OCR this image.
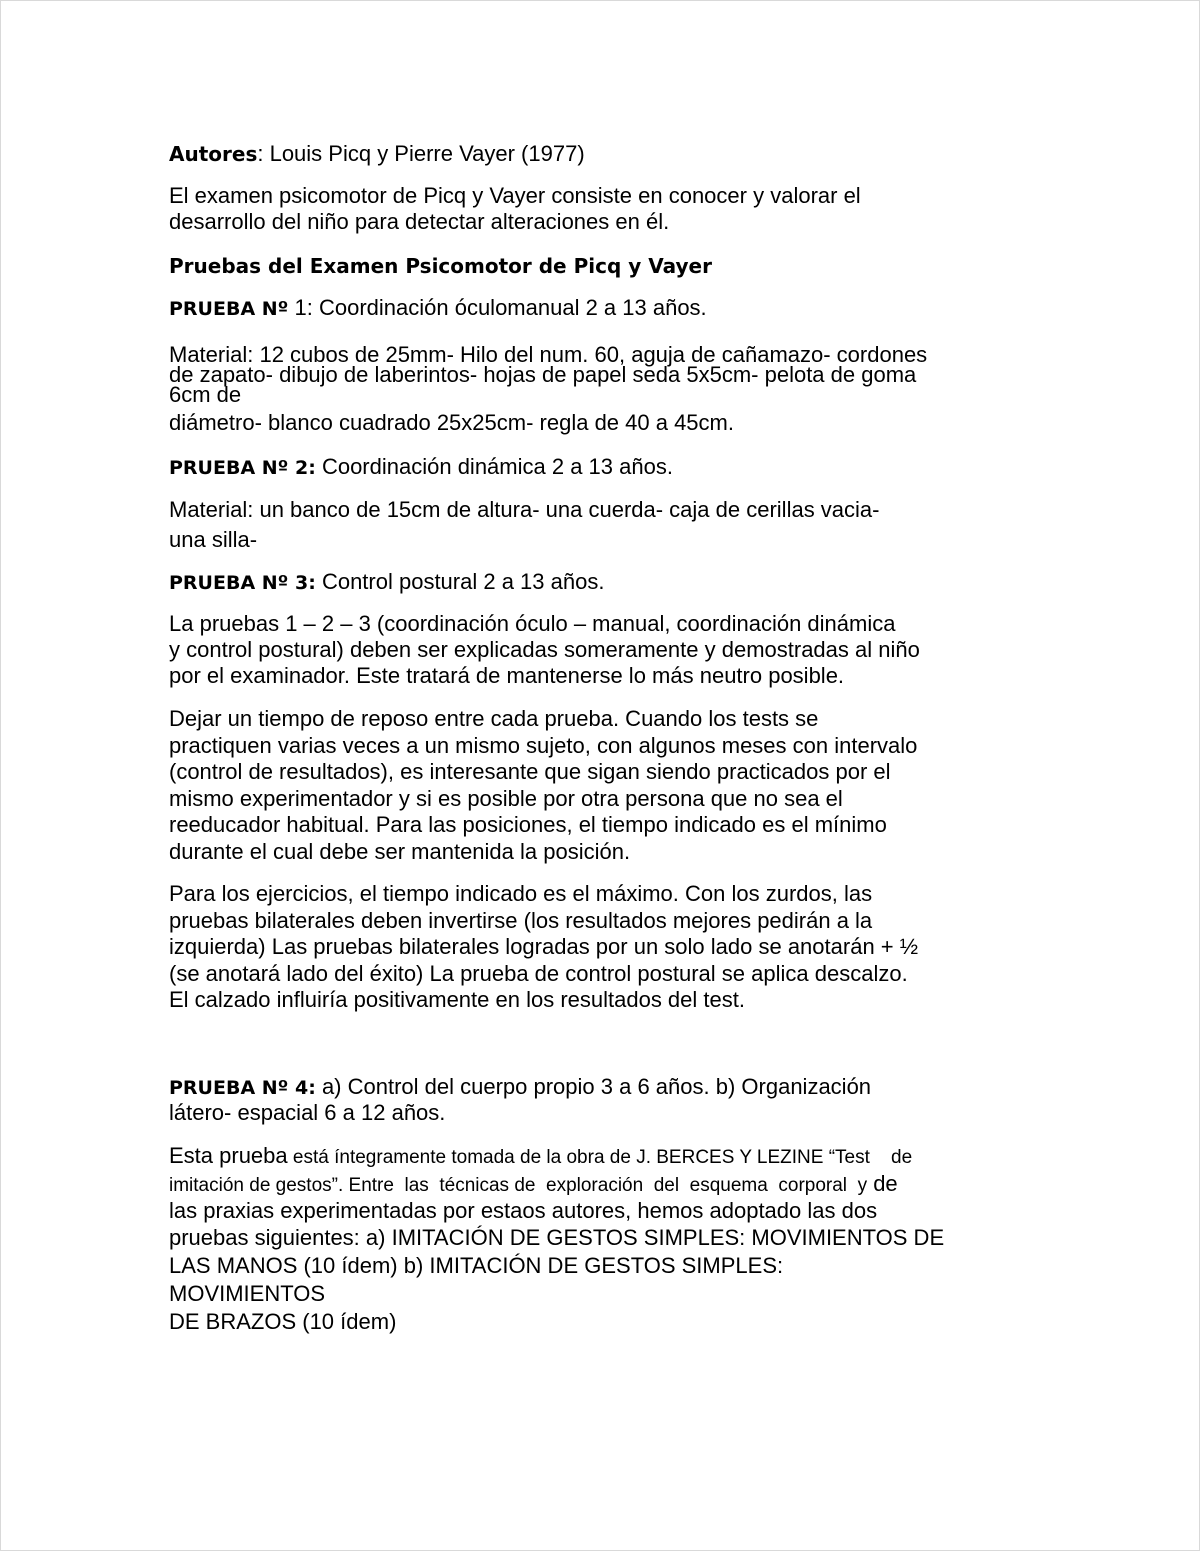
Autores: Louis Picq y Pierre Vayer (1977)
El examen psicomotor de Picq y Vayer consiste en conocer y valorar el
desarrollo del niño para detectar alteraciones en él.
Pruebas del Examen Psicomotor de Picq y Vayer
PRUEBA Nº 1: Coordinación óculomanual 2 a 13 años.
Material: 12 cubos de 25mm- Hilo del num. 60, aguja de cañamazo- cordones
de zapato- dibujo de laberintos- hojas de papel seda 5x5cm- pelota de goma
6cm de
diámetro- blanco cuadrado 25x25cm- regla de 40 a 45cm.
PRUEBA Nº 2: Coordinación dinámica 2 a 13 años.
Material: un banco de 15cm de altura- una cuerda- caja de cerillas vacia-
una silla-
PRUEBA Nº 3: Control postural 2 a 13 años.
La pruebas 1 – 2 – 3 (coordinación óculo – manual, coordinación dinámica
y control postural) deben ser explicadas someramente y demostradas al niño
por el examinador. Este tratará de mantenerse lo más neutro posible.
Dejar un tiempo de reposo entre cada prueba. Cuando los tests se
practiquen varias veces a un mismo sujeto, con algunos meses con intervalo
(control de resultados), es interesante que sigan siendo practicados por el
mismo experimentador y si es posible por otra persona que no sea el
reeducador habitual. Para las posiciones, el tiempo indicado es el mínimo
durante el cual debe ser mantenida la posición.
Para los ejercicios, el tiempo indicado es el máximo. Con los zurdos, las
pruebas bilaterales deben invertirse (los resultados mejores pedirán a la
izquierda) Las pruebas bilaterales logradas por un solo lado se anotarán + ½
(se anotará lado del éxito) La prueba de control postural se aplica descalzo.
El calzado influiría positivamente en los resultados del test.
PRUEBA Nº 4: a) Control del cuerpo propio 3 a 6 años. b) Organización
látero- espacial 6 a 12 años.
Esta prueba está íntegramente tomada de la obra de J. BERCES Y LEZINE “Test    de
imitación de gestos”. Entre  las  técnicas de  exploración  del  esquema  corporal  y de
las praxias experimentadas por estaos autores, hemos adoptado las dos
pruebas siguientes: a) IMITACIÓN DE GESTOS SIMPLES: MOVIMIENTOS DE
LAS MANOS (10 ídem) b) IMITACIÓN DE GESTOS SIMPLES:
MOVIMIENTOS
DE BRAZOS (10 ídem)
